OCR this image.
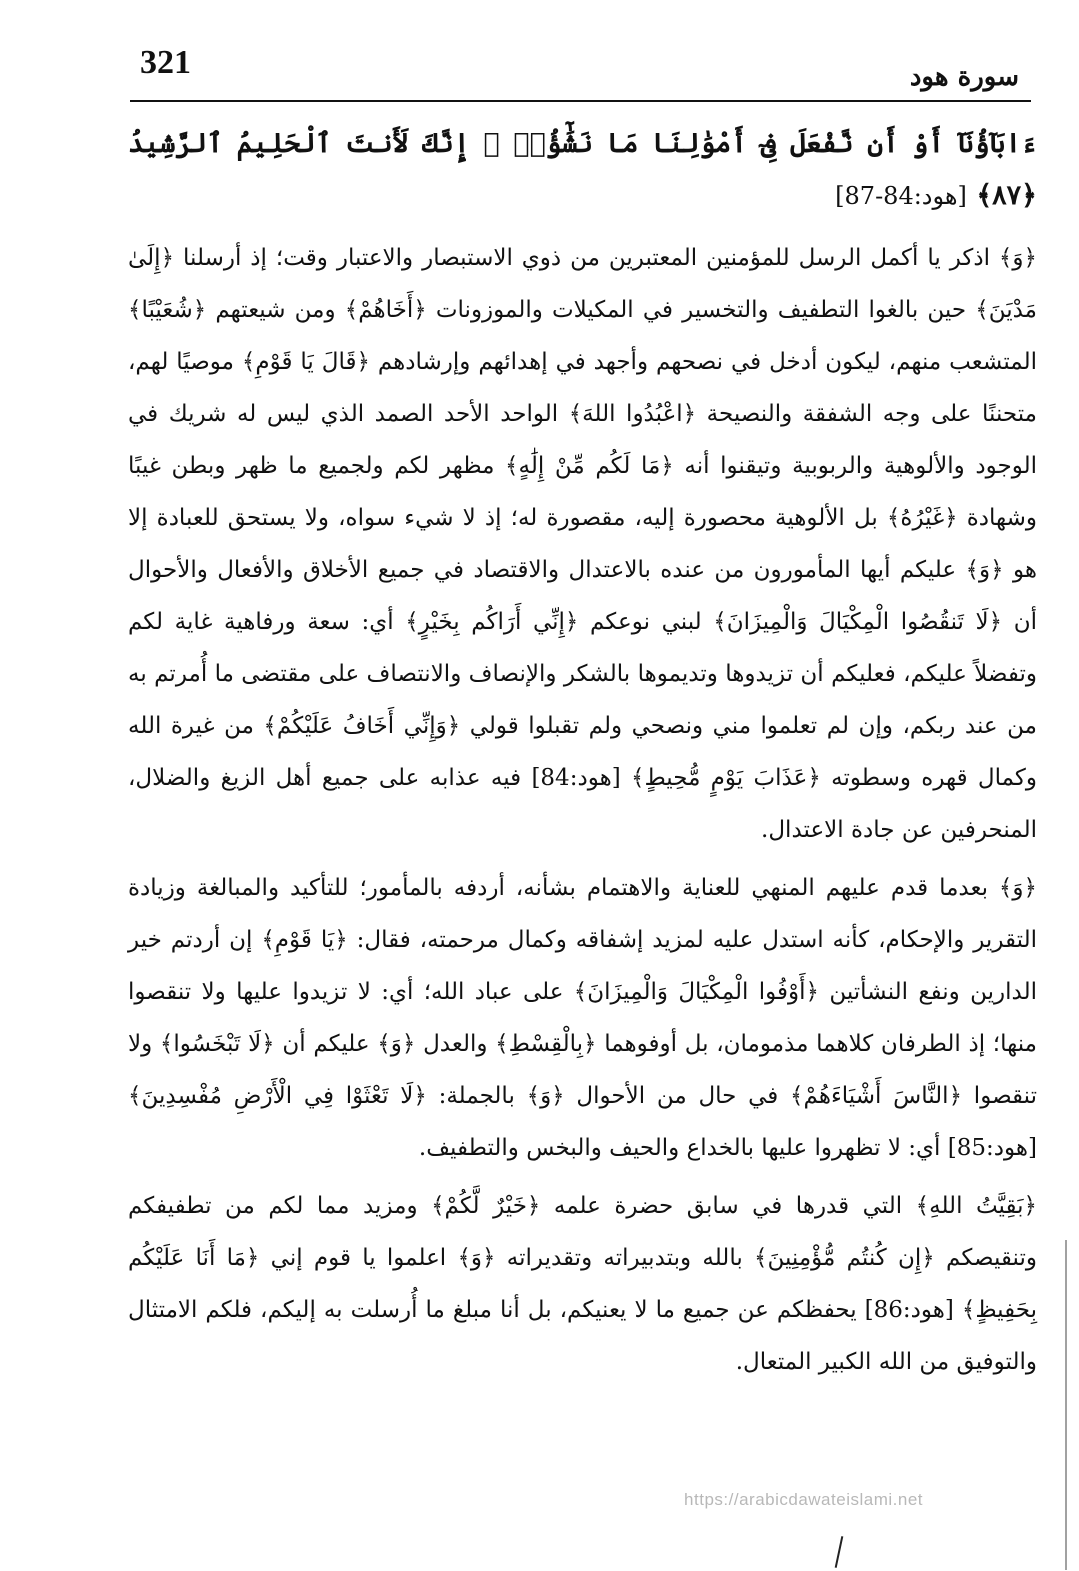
321	سورة هود

ءَابَآؤُنَآ أَوْ أَن نَّفْعَلَ فِىٓ أَمْوَٰلِنَا مَا نَشَٰٓؤُا۟ ۖ إِنَّكَ لَأَنتَ ٱلْحَلِيمُ ٱلرَّشِيدُ ﴿٨٧﴾ [هود:84-87]

﴿وَ﴾ اذكر يا أكمل الرسل للمؤمنين المعتبرين من ذوي الاستبصار والاعتبار وقت؛ إذ أرسلنا ﴿إِلَىٰ مَدْيَنَ﴾ حين بالغوا التطفيف والتخسير في المكيلات والموزونات ﴿أَخَاهُمْ﴾ ومن شيعتهم ﴿شُعَيْبًا﴾ المتشعب منهم، ليكون أدخل في نصحهم وأجهد في إهدائهم وإرشادهم ﴿قَالَ يَا قَوْمِ﴾ موصيًا لهم، متحننًا على وجه الشفقة والنصيحة ﴿اعْبُدُوا اللهَ﴾ الواحد الأحد الصمد الذي ليس له شريك في الوجود والألوهية والربوبية وتيقنوا أنه ﴿مَا لَكُم مِّنْ إِلَٰهٍ﴾ مظهر لكم ولجميع ما ظهر وبطن غيبًا وشهادة ﴿غَيْرُهُ﴾ بل الألوهية محصورة إليه، مقصورة له؛ إذ لا شيء سواه، ولا يستحق للعبادة إلا هو ﴿وَ﴾ عليكم أيها المأمورون من عنده بالاعتدال والاقتصاد في جميع الأخلاق والأفعال والأحوال أن ﴿لَا تَنقُصُوا الْمِكْيَالَ وَالْمِيزَانَ﴾ لبني نوعكم ﴿إِنِّي أَرَاكُم بِخَيْرٍ﴾ أي: سعة ورفاهية غاية لكم وتفضلاً عليكم، فعليكم أن تزيدوها وتديموها بالشكر والإنصاف والانتصاف على مقتضى ما أُمرتم به من عند ربكم، وإن لم تعلموا مني ونصحي ولم تقبلوا قولي ﴿وَإِنِّي أَخَافُ عَلَيْكُمْ﴾ من غيرة الله وكمال قهره وسطوته ﴿عَذَابَ يَوْمٍ مُّحِيطٍ﴾ [هود:84] فيه عذابه على جميع أهل الزيغ والضلال، المنحرفين عن جادة الاعتدال.

﴿وَ﴾ بعدما قدم عليهم المنهي للعناية والاهتمام بشأنه، أردفه بالمأمور؛ للتأكيد والمبالغة وزيادة التقرير والإحكام، كأنه استدل عليه لمزيد إشفاقه وكمال مرحمته، فقال: ﴿يَا قَوْمِ﴾ إن أردتم خير الدارين ونفع النشأتين ﴿أَوْفُوا الْمِكْيَالَ وَالْمِيزَانَ﴾ على عباد الله؛ أي: لا تزيدوا عليها ولا تنقصوا منها؛ إذ الطرفان كلاهما مذمومان، بل أوفوهما ﴿بِالْقِسْطِ﴾ والعدل ﴿وَ﴾ عليكم أن ﴿لَا تَبْخَسُوا﴾ ولا تنقصوا ﴿النَّاسَ أَشْيَاءَهُمْ﴾ في حال من الأحوال ﴿وَ﴾ بالجملة: ﴿لَا تَعْثَوْا فِي الْأَرْضِ مُفْسِدِينَ﴾ [هود:85] أي: لا تظهروا عليها بالخداع والحيف والبخس والتطفيف.

﴿بَقِيَّتُ اللهِ﴾ التي قدرها في سابق حضرة علمه ﴿خَيْرٌ لَّكُمْ﴾ ومزيد مما لكم من تطفيفكم وتنقيصكم ﴿إِن كُنتُم مُّؤْمِنِينَ﴾ بالله وبتدبيراته وتقديراته ﴿وَ﴾ اعلموا يا قوم إني ﴿مَا أَنَا عَلَيْكُم بِحَفِيظٍ﴾ [هود:86] يحفظكم عن جميع ما لا يعنيكم، بل أنا مبلغ ما أُرسلت به إليكم، فلكم الامتثال والتوفيق من الله الكبير المتعال.

https://arabicdawateislami.net
